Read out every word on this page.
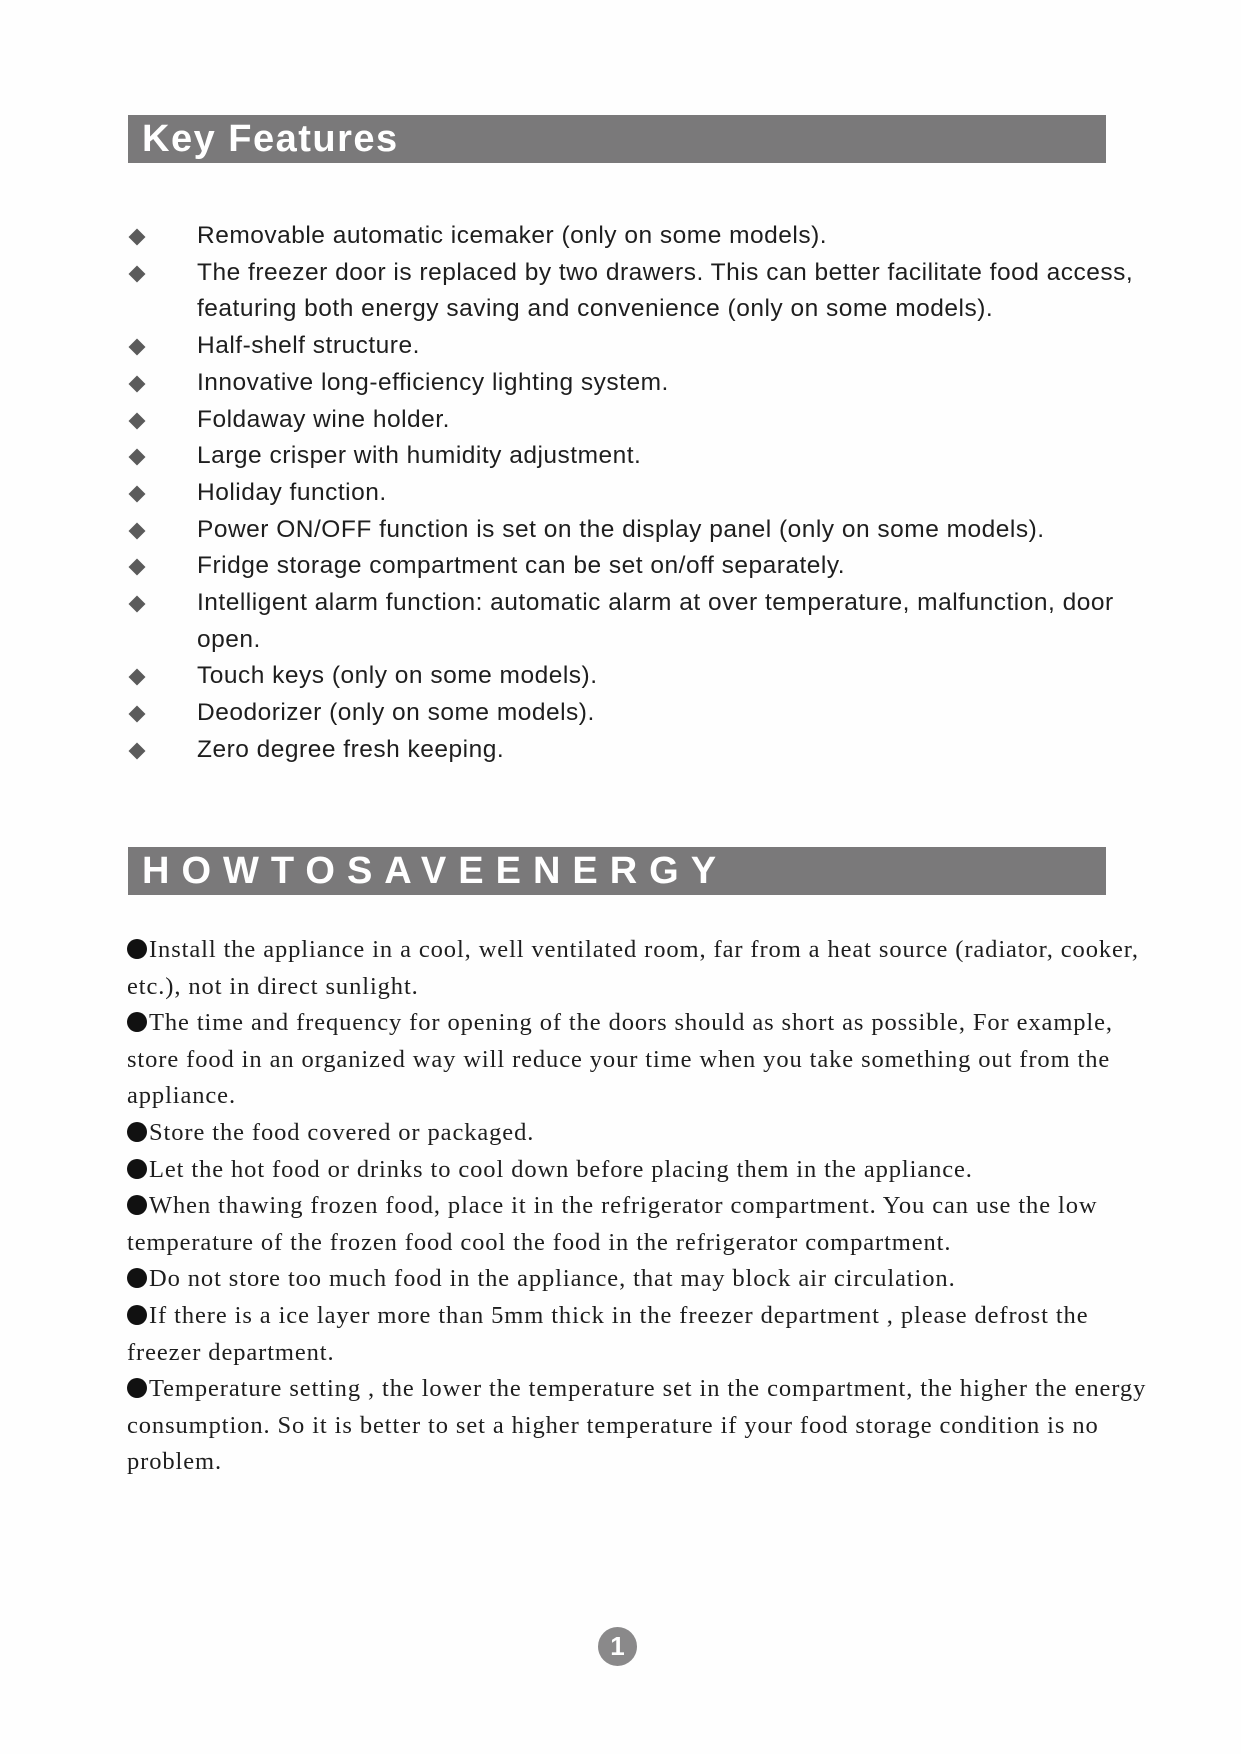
Key Features
Removable automatic icemaker (only on some models).
The freezer door is replaced by two drawers. This can better facilitate food access, featuring both energy saving and convenience (only on some models).
Half-shelf structure.
Innovative long-efficiency lighting system.
Foldaway wine holder.
Large crisper with humidity adjustment.
Holiday function.
Power ON/OFF function is set on the display panel (only on some models).
Fridge storage compartment can be set on/off separately.
Intelligent alarm function: automatic alarm at over temperature, malfunction, door open.
Touch keys (only on some models).
Deodorizer (only on some models).
Zero degree fresh keeping.
HOWTOSAVEENERGY

Install the appliance in a cool, well ventilated room, far from a heat source (radiator, cooker, etc.), not in direct sunlight.

The time and frequency for opening of the doors should as short as possible, For example, store food in an organized way will reduce your time when you take something out from the appliance.

Store the food covered or packaged.

Let the hot food or drinks to cool down before placing them in the appliance.

When thawing frozen food, place it in the refrigerator compartment. You can use the low temperature of the frozen food cool the food in the refrigerator compartment.

Do not store too much food in the appliance, that may block air circulation.

If there is a ice layer more than 5mm thick in the freezer department , please defrost the freezer department.

Temperature setting , the lower the temperature set in the compartment, the higher the energy consumption. So it is better to set a higher temperature if your food storage condition is no problem.

1
